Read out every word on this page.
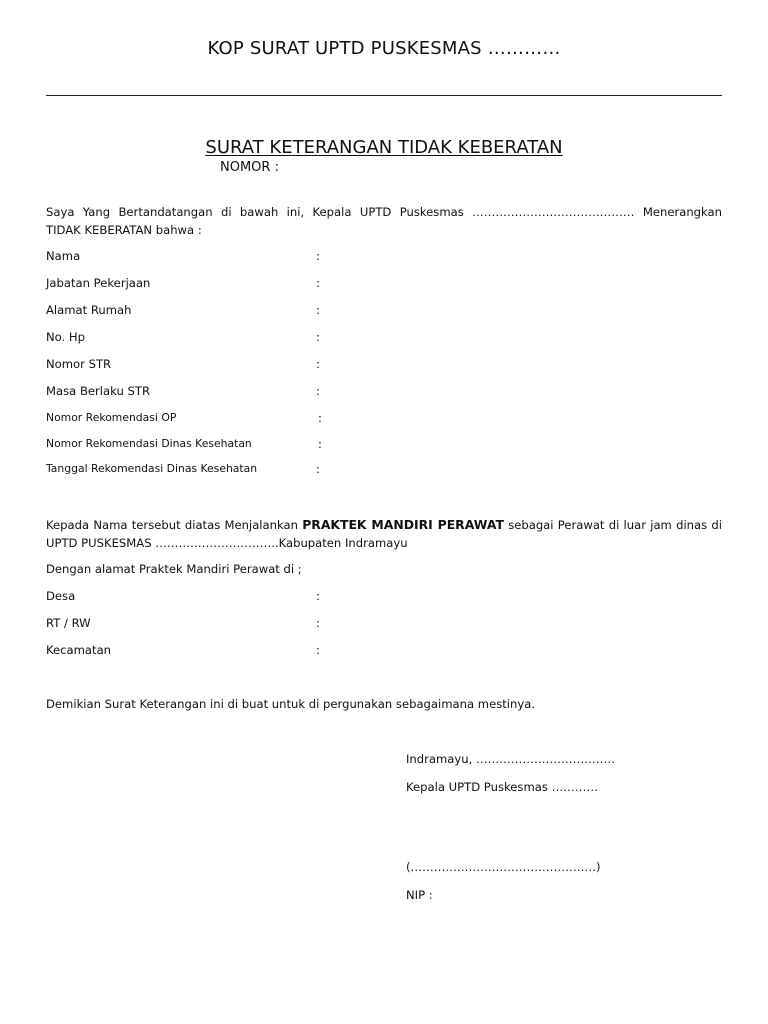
KOP SURAT UPTD PUSKESMAS …………
SURAT KETERANGAN TIDAK KEBERATAN
NOMOR :
Saya Yang Bertandatangan di bawah ini, Kepala UPTD Puskesmas …………………………………… Menerangkan
TIDAK KEBERATAN bahwa :
Nama	:
Jabatan Pekerjaan	:
Alamat Rumah	:
No. Hp	:
Nomor STR	:
Masa Berlaku STR	:
Nomor Rekomendasi OP	:
Nomor Rekomendasi Dinas Kesehatan	:
Tanggal Rekomendasi Dinas Kesehatan	:
Kepada Nama tersebut diatas Menjalankan PRAKTEK MANDIRI PERAWAT sebagai Perawat di luar jam dinas di
UPTD PUSKESMAS …………………………..Kabupaten Indramayu
Dengan alamat Praktek Mandiri Perawat di ;
Desa	:
RT / RW	:
Kecamatan	:
Demikian Surat Keterangan ini di buat untuk di pergunakan sebagaimana mestinya.
Indramayu, ………………………………
Kepala UPTD Puskesmas …………
(…………………………………………)
NIP :
